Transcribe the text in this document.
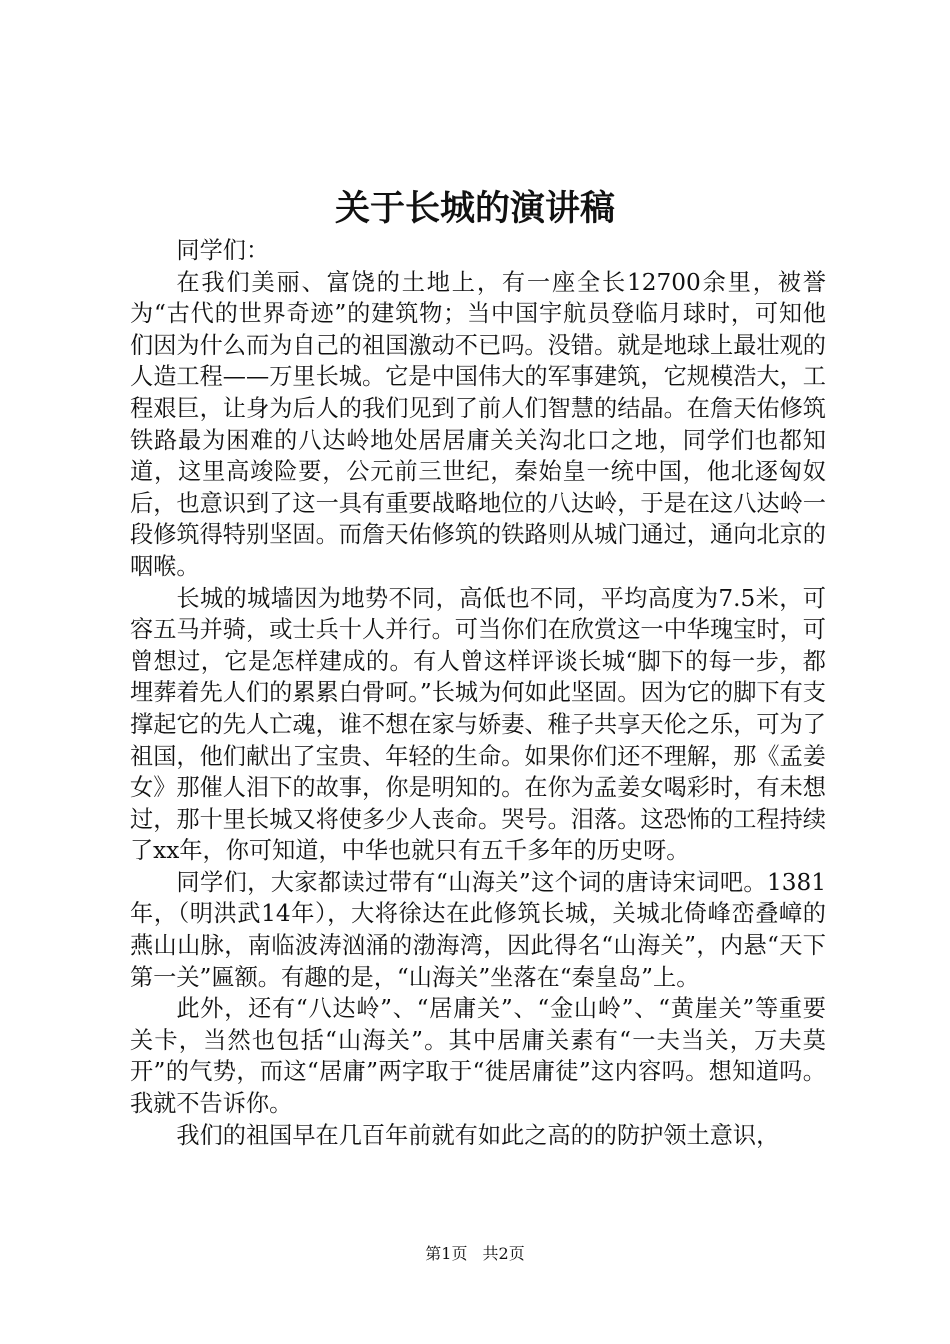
关于长城的演讲稿

同学们：

在我们美丽、富饶的土地上，有一座全长12700余里，被誉为“古代的世界奇迹”的建筑物；当中国宇航员登临月球时，可知他们因为什么而为自己的祖国激动不已吗。没错。就是地球上最壮观的人造工程——万里长城。它是中国伟大的军事建筑，它规模浩大，工程艰巨，让身为后人的我们见到了前人们智慧的结晶。在詹天佑修筑铁路最为困难的八达岭地处居居庸关关沟北口之地，同学们也都知道，这里高竣险要，公元前三世纪，秦始皇一统中国，他北逐匈奴后，也意识到了这一具有重要战略地位的八达岭，于是在这八达岭一段修筑得特别坚固。而詹天佑修筑的铁路则从城门通过，通向北京的咽喉。

长城的城墙因为地势不同，高低也不同，平均高度为7.5米，可容五马并骑，或士兵十人并行。可当你们在欣赏这一中华瑰宝时，可曾想过，它是怎样建成的。有人曾这样评谈长城“脚下的每一步，都埋葬着先人们的累累白骨呵。”长城为何如此坚固。因为它的脚下有支撑起它的先人亡魂，谁不想在家与娇妻、稚子共享天伦之乐，可为了祖国，他们献出了宝贵、年轻的生命。如果你们还不理解，那《孟姜女》那催人泪下的故事，你是明知的。在你为孟姜女喝彩时，有未想过，那十里长城又将使多少人丧命。哭号。泪落。这恐怖的工程持续了xx年，你可知道，中华也就只有五千多年的历史呀。

同学们，大家都读过带有“山海关”这个词的唐诗宋词吧。1381年，（明洪武14年），大将徐达在此修筑长城，关城北倚峰峦叠嶂的燕山山脉，南临波涛汹涌的渤海湾，因此得名“山海关”，内悬“天下第一关”匾额。有趣的是，“山海关”坐落在“秦皇岛”上。

此外，还有“八达岭”、“居庸关”、“金山岭”、“黄崖关”等重要关卡，当然也包括“山海关”。其中居庸关素有“一夫当关，万夫莫开”的气势，而这“居庸”两字取于“徙居庸徒”这内容吗。想知道吗。我就不告诉你。

我们的祖国早在几百年前就有如此之高的的防护领土意识，

第1页 共2页
